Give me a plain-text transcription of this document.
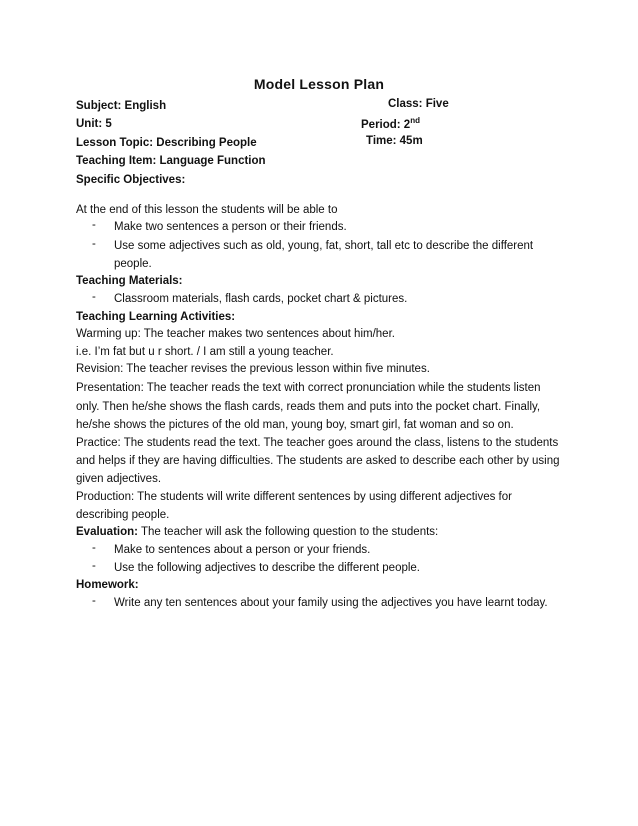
Model Lesson Plan
Subject: English	Class: Five
Unit: 5	Period: 2nd
Lesson Topic: Describing People	Time: 45m
Teaching Item: Language Function
Specific Objectives:
At the end of this lesson the students will be able to
- Make two sentences a person or their friends.
- Use some adjectives such as old, young, fat, short, tall etc to describe the different
people.
Teaching Materials:
- Classroom materials, flash cards, pocket chart & pictures.
Teaching Learning Activities:
Warming up: The teacher makes two sentences about him/her.
i.e. I’m fat but u r short. / I am still a young teacher.
Revision: The teacher revises the previous lesson within five minutes.
Presentation: The teacher reads the text with correct pronunciation while the students listen
only. Then he/she shows the flash cards, reads them and puts into the pocket chart. Finally,
he/she shows the pictures of the old man, young boy, smart girl, fat woman and so on.
Practice: The students read the text. The teacher goes around the class, listens to the students
and helps if they are having difficulties. The students are asked to describe each other by using
given adjectives.
Production: The students will write different sentences by using different adjectives for
describing people.
Evaluation: The teacher will ask the following question to the students:
- Make to sentences about a person or your friends.
- Use the following adjectives to describe the different people.
Homework:
- Write any ten sentences about your family using the adjectives you have learnt today.
